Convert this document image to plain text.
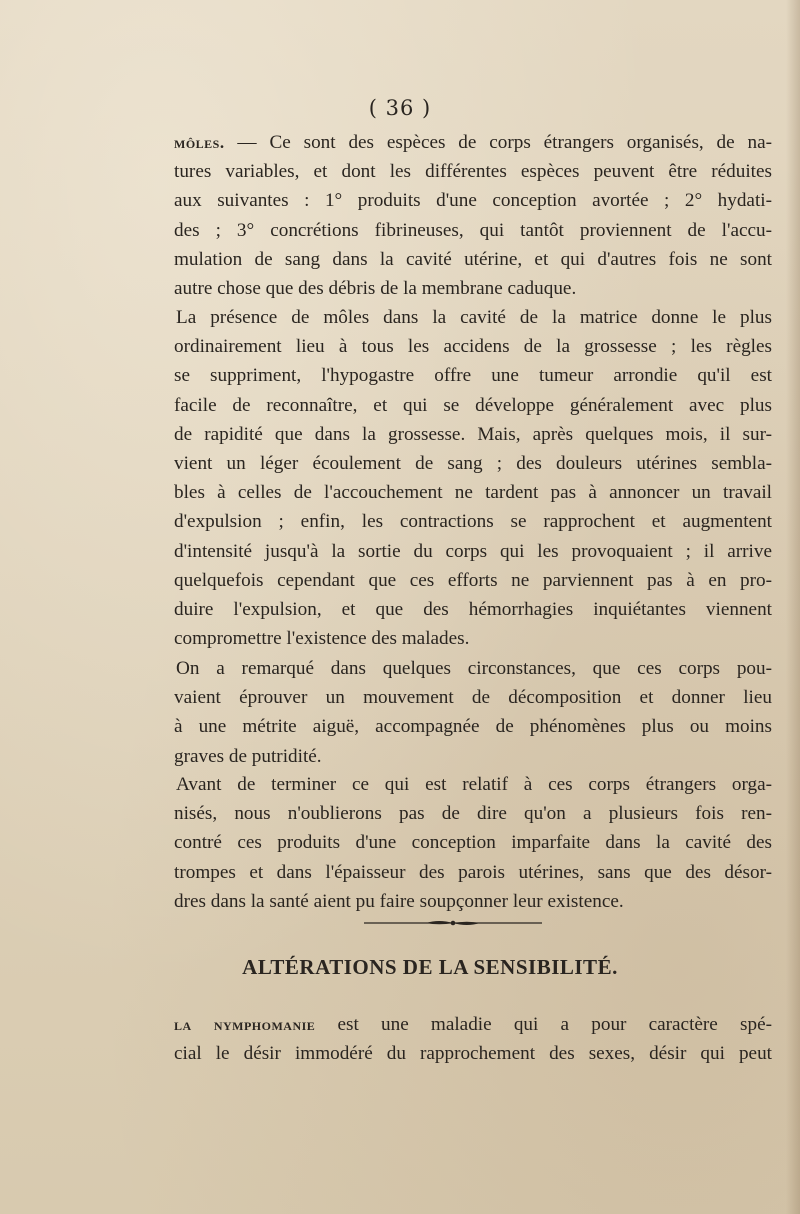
( 36 )
môles. — Ce sont des espèces de corps étrangers organisés, de na-
tures variables, et dont les différentes espèces peuvent être réduites
aux suivantes : 1° produits d'une conception avortée ; 2° hydati-
des ; 3° concrétions fibrineuses, qui tantôt proviennent de l'accu-
mulation de sang dans la cavité utérine, et qui d'autres fois ne sont
autre chose que des débris de la membrane caduque.
La présence de môles dans la cavité de la matrice donne le plus
ordinairement lieu à tous les accidens de la grossesse ; les règles
se suppriment, l'hypogastre offre une tumeur arrondie qu'il est
facile de reconnaître, et qui se développe généralement avec plus
de rapidité que dans la grossesse. Mais, après quelques mois, il sur-
vient un léger écoulement de sang ; des douleurs utérines sembla-
bles à celles de l'accouchement ne tardent pas à annoncer un travail
d'expulsion ; enfin, les contractions se rapprochent et augmentent
d'intensité jusqu'à la sortie du corps qui les provoquaient ; il arrive
quelquefois cependant que ces efforts ne parviennent pas à en pro-
duire l'expulsion, et que des hémorrhagies inquiétantes viennent
compromettre l'existence des malades.
On a remarqué dans quelques circonstances, que ces corps pou-
vaient éprouver un mouvement de décomposition et donner lieu
à une métrite aiguë, accompagnée de phénomènes plus ou moins
graves de putridité.
Avant de terminer ce qui est relatif à ces corps étrangers orga-
nisés, nous n'oublierons pas de dire qu'on a plusieurs fois ren-
contré ces produits d'une conception imparfaite dans la cavité des
trompes et dans l'épaisseur des parois utérines, sans que des désor-
dres dans la santé aient pu faire soupçonner leur existence.
ALTÉRATIONS DE LA SENSIBILITÉ.
la nymphomanie est une maladie qui a pour caractère spé-
cial le désir immodéré du rapprochement des sexes, désir qui peut
